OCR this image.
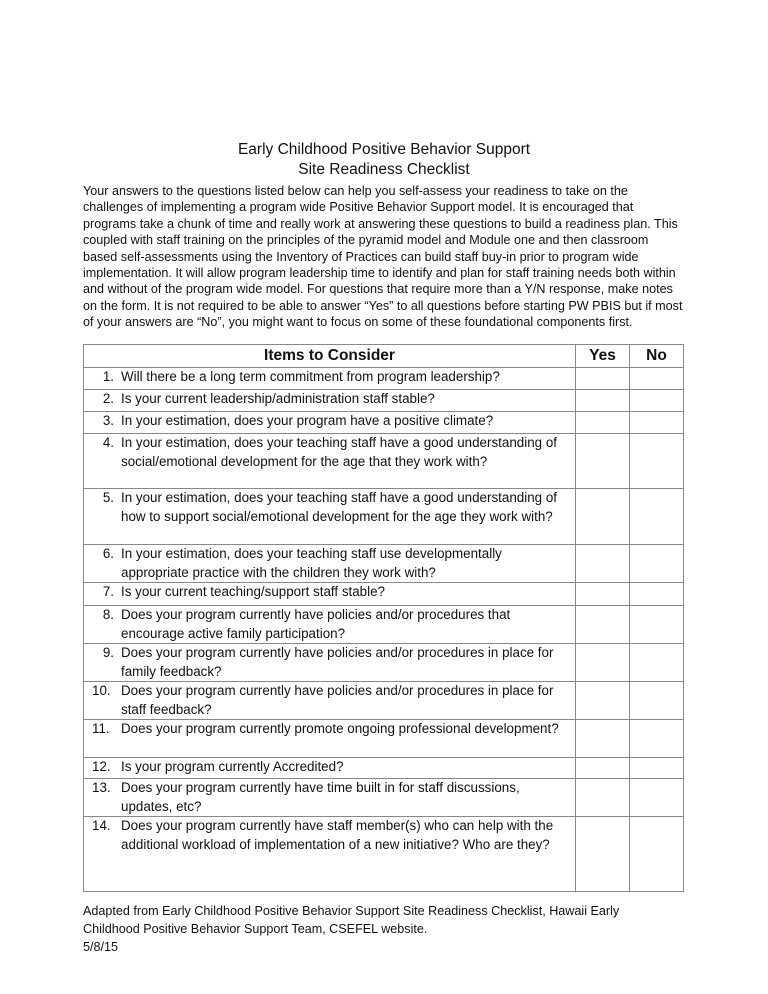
Early Childhood Positive Behavior Support
Site Readiness Checklist
Your answers to the questions listed below can help you self-assess your readiness to take on the challenges of implementing a program wide Positive Behavior Support model. It is encouraged that programs take a chunk of time and really work at answering these questions to build a readiness plan. This coupled with staff training on the principles of the pyramid model and Module one and then classroom based self-assessments using the Inventory of Practices can build staff buy-in prior to program wide implementation. It will allow program leadership time to identify and plan for staff training needs both within and without of the program wide model. For questions that require more than a Y/N response, make notes on the form. It is not required to be able to answer “Yes” to all questions before starting PW PBIS but if most of your answers are “No”, you might want to focus on some of these foundational components first.
Items to Consider	Yes	No

1. Will there be a long term commitment from program leadership?		

2. Is your current leadership/administration staff stable?		

3. In your estimation, does your program have a positive climate?		

4. In your estimation, does your teaching staff have a good understanding of social/emotional development for the age that they work with?		

5. In your estimation, does your teaching staff have a good understanding of how to support social/emotional development for the age they work with?		

6. In your estimation, does your teaching staff use developmentally appropriate practice with the children they work with?		

7. Is your current teaching/support staff stable?		

8. Does your program currently have policies and/or procedures that encourage active family participation?		

9. Does your program currently have policies and/or procedures in place for family feedback?		

10. Does your program currently have policies and/or procedures in place for staff feedback?		

11. Does your program currently promote ongoing professional development?		

12. Is your program currently Accredited?		

13. Does your program currently have time built in for staff discussions, updates, etc?		

14. Does your program currently have staff member(s) who can help with the additional workload of implementation of a new initiative? Who are they?		

Adapted from Early Childhood Positive Behavior Support Site Readiness Checklist, Hawaii Early
Childhood Positive Behavior Support Team, CSEFEL website.
5/8/15
